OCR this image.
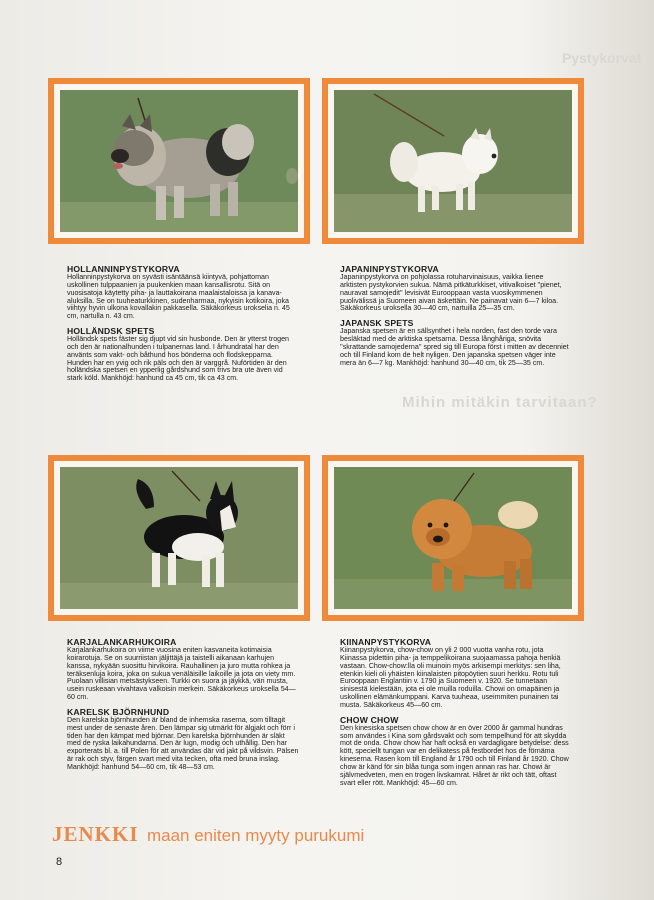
Pystykorvat
Mihin mitäkin tarvitaan?

HOLLANNINPYSTYKORVA

Hollanninpystykorva on syvästi isäntäänsä kiintyvä, pohjattoman uskollinen tulppaanien ja puukenkien maan kansallisrotu. Sitä on vuosisatoja käytetty piha- ja lauttakoirana maalaistaloissa ja kanava-aluksilla. Se on tuuheaturkkinen, sudenharmaa, nykyisin kotikoira, joka viihtyy hyvin ulkona kovallakin pakkasella. Säkäkorkeus urokselia n. 45 cm, nartulla n. 43 cm.

HOLLÄNDSK SPETS

Holländsk spets fäster sig djupt vid sin husbonde. Den är ytterst trogen och den är nationalhunden i tulpanernas land. I århundratal har den använts som vakt- och båthund hos bönderna och flodskepparna. Hunden har en yvig och rik päls och den är varggrå. Nuförtiden är den holländska spetsen en ypperlig gårdshund som trivs bra ute även vid stark köld. Mankhöjd: hanhund ca 45 cm, tik ca 43 cm.

JAPANINPYSTYKORVA

Japaninpystykorva on pohjolassa rotuharvinaisuus, vaikka lienee arktisten pystykorvien sukua. Nämä pitkäturkkiset, vitivalkoiset ''pienet, nauravat samojedit'' levisivät Eurooppaan vasta vuosikymmenen puolivälissä ja Suomeen aivan äskettäin. Ne painavat vain 6—7 kiloa. Säkäkorkeus uroksella 30—40 cm, nartuilla 25—35 cm.

JAPANSK SPETS

Japanska spetsen är en sällsynthet i hela norden, fast den torde vara besläktad med de arktiska spetsarna. Dessa långhåriga, snövita ''skrattande samojederna'' spred sig till Europa först i mitten av decenniet och till Finland kom de helt nyligen. Den japanska spetsen väger inte mera än 6—7 kg. Mankhöjd: hanhund 30—40 cm, tik 25—35 cm.

KARJALANKARHUKOIRA

Karjalankarhukoira on viime vuosina eniten kasvaneita kotimaisia koirarotuja. Se on suurriistan jäljittäjä ja taistelli aikanaan karhujen kanssa, nykyään suosittu hirvikoira. Rauhallinen ja juro mutta rohkea ja teräksenluja koira, joka on sukua venäläisille laikoille ja jota on viety mm. Puolaan villisian metsästykseen. Turkki on suora ja jäykkä, väri musta, usein ruskeaan vivahtava valkoisin merkein. Säkäkorkeus uroksella 54—60 cm.

KARELSK BJÖRNHUND

Den karelska björnhunden är bland de inhemska raserna, som tilltagit mest under de senaste åren. Den lämpar sig utmärkt för älgjakt och förr i tiden har den kämpat med björnar. Den karelska björnhunden är släkt med de ryska laikahundarna. Den är lugn, modig och uthållig. Den har exporterats bl. a. till Polen för att användas där vid jakt på vildsvin. Pälsen är rak och styv, färgen svart med vita tecken, ofta med bruna inslag. Mankhöjd: hanhund 54—60 cm, tik 48—53 cm.

KIINANPYSTYKORVA

Kiinanpystykorva, chow-chow on yli 2 000 vuotta vanha rotu, jota Kiinassa pidettiin piha- ja temppelikoirana suojaamassa pahoja henkiä vastaan. Chow-chow:lla oli muinoin myös arkisempi merkitys: sen liha, etenkin kieli oli yhäisten kiinalaisten pitopöytien suuri herkku. Rotu tuli Eurooppaan Englantiin v. 1790 ja Suomeen v. 1920. Se tunnetaan sinisestä kielestään, jota ei ole muilla roduilla. Chowi on omapäinen ja uskollinen elämänkumppani. Karva tuuheaa, useimmiten punainen tai musta. Säkäkorkeus 45—60 cm.

CHOW CHOW

Den kinesiska spetsen chow chow är en över 2000 år gammal hundras som användes i Kina som gårdsvakt och som tempelhund för att skydda mot de onda. Chow chow har haft också en vardagligare betydelse: dess kött, speciellt tungan var en delikatess på festbordet hos de förnäma kineserna. Rasen kom till England år 1790 och till Finland år 1920. Chow chow är känd för sin blåa tunga som ingen annan ras har. Chowi är självmedveten, men en trogen livskamrat. Håret är rikt och tätt, oftast svart eller rött. Mankhöjd: 45—60 cm.

JENKKI maan eniten myyty purukumi
8
